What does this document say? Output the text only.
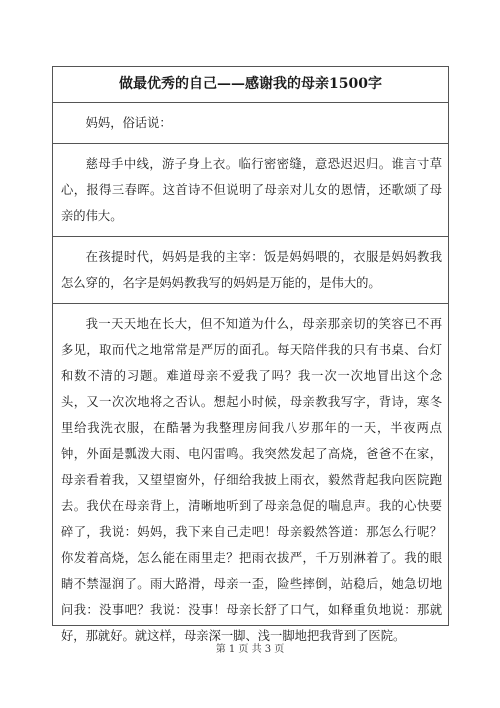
做最优秀的自己——感谢我的母亲1500字
妈妈，俗话说：
慈母手中线，游子身上衣。临行密密缝，意恐迟迟归。谁言寸草心，报得三春晖。这首诗不但说明了母亲对儿女的恩情，还歌颂了母亲的伟大。
在孩提时代，妈妈是我的主宰：饭是妈妈喂的，衣服是妈妈教我怎么穿的，名字是妈妈教我写的妈妈是万能的，是伟大的。
我一天天地在长大，但不知道为什么，母亲那亲切的笑容已不再多见，取而代之地常常是严厉的面孔。每天陪伴我的只有书桌、台灯和数不清的习题。难道母亲不爱我了吗？我一次一次地冒出这个念头，又一次次地将之否认。想起小时候，母亲教我写字，背诗，寒冬里给我洗衣服，在酷暑为我整理房间我八岁那年的一天，半夜两点钟，外面是瓢泼大雨、电闪雷鸣。我突然发起了高烧，爸爸不在家，母亲看着我，又望望窗外，仔细给我披上雨衣，毅然背起我向医院跑去。我伏在母亲背上，清晰地听到了母亲急促的喘息声。我的心快要碎了，我说：妈妈，我下来自己走吧！母亲毅然答道：那怎么行呢？你发着高烧，怎么能在雨里走？把雨衣拔严，千万别淋着了。我的眼睛不禁湿润了。雨大路滑，母亲一歪，险些摔倒，站稳后，她急切地问我：没事吧？我说：没事！母亲长舒了口气，如释重负地说：那就好，那就好。就这样，母亲深一脚、浅一脚地把我背到了医院。
第 1 页 共 3 页
